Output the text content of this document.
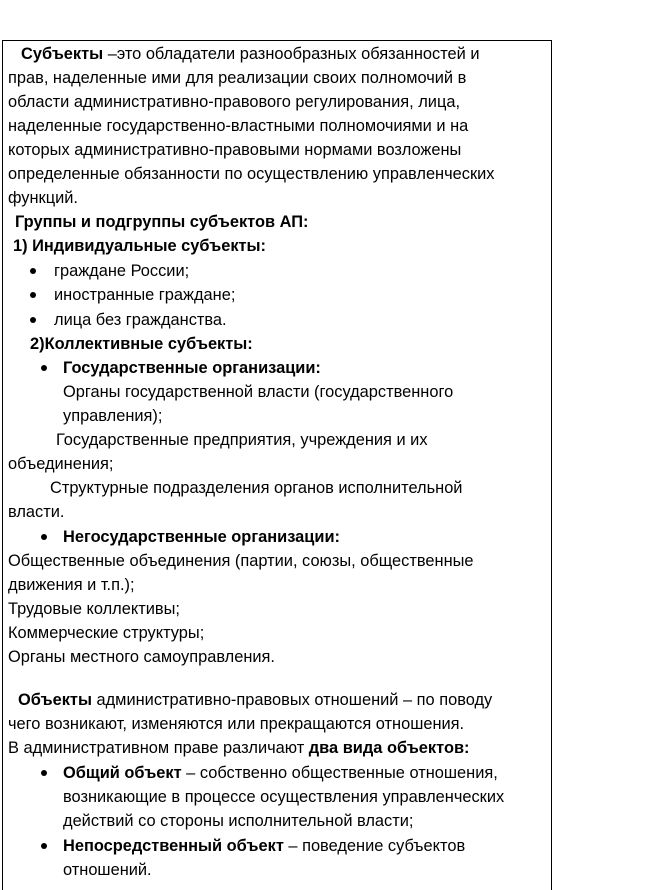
Субъекты –это обладатели разнообразных обязанностей и
прав, наделенные ими для реализации своих полномочий в
области административно-правового регулирования, лица,
наделенные государственно-властными полномочиями и на
которых административно-правовыми нормами возложены
определенные обязанности по осуществлению управленческих
функций.
Группы и подгруппы субъектов АП:
1) Индивидуальные субъекты:
граждане России;
иностранные граждане;
лица без гражданства.
2)Коллективные субъекты:
Государственные организации:
Органы государственной власти (государственного
управления);
Государственные предприятия, учреждения и их
объединения;
Структурные подразделения органов исполнительной
власти.
Негосударственные организации:
Общественные объединения (партии, союзы, общественные
движения и т.п.);
Трудовые коллективы;
Коммерческие структуры;
Органы местного самоуправления.
Объекты административно-правовых отношений – по поводу
чего возникают, изменяются или прекращаются отношения.
В административном праве различают два вида объектов:
Общий объект – собственно общественные отношения,
возникающие в процессе осуществления управленческих
действий со стороны исполнительной власти;
Непосредственный объект – поведение субъектов
отношений.
